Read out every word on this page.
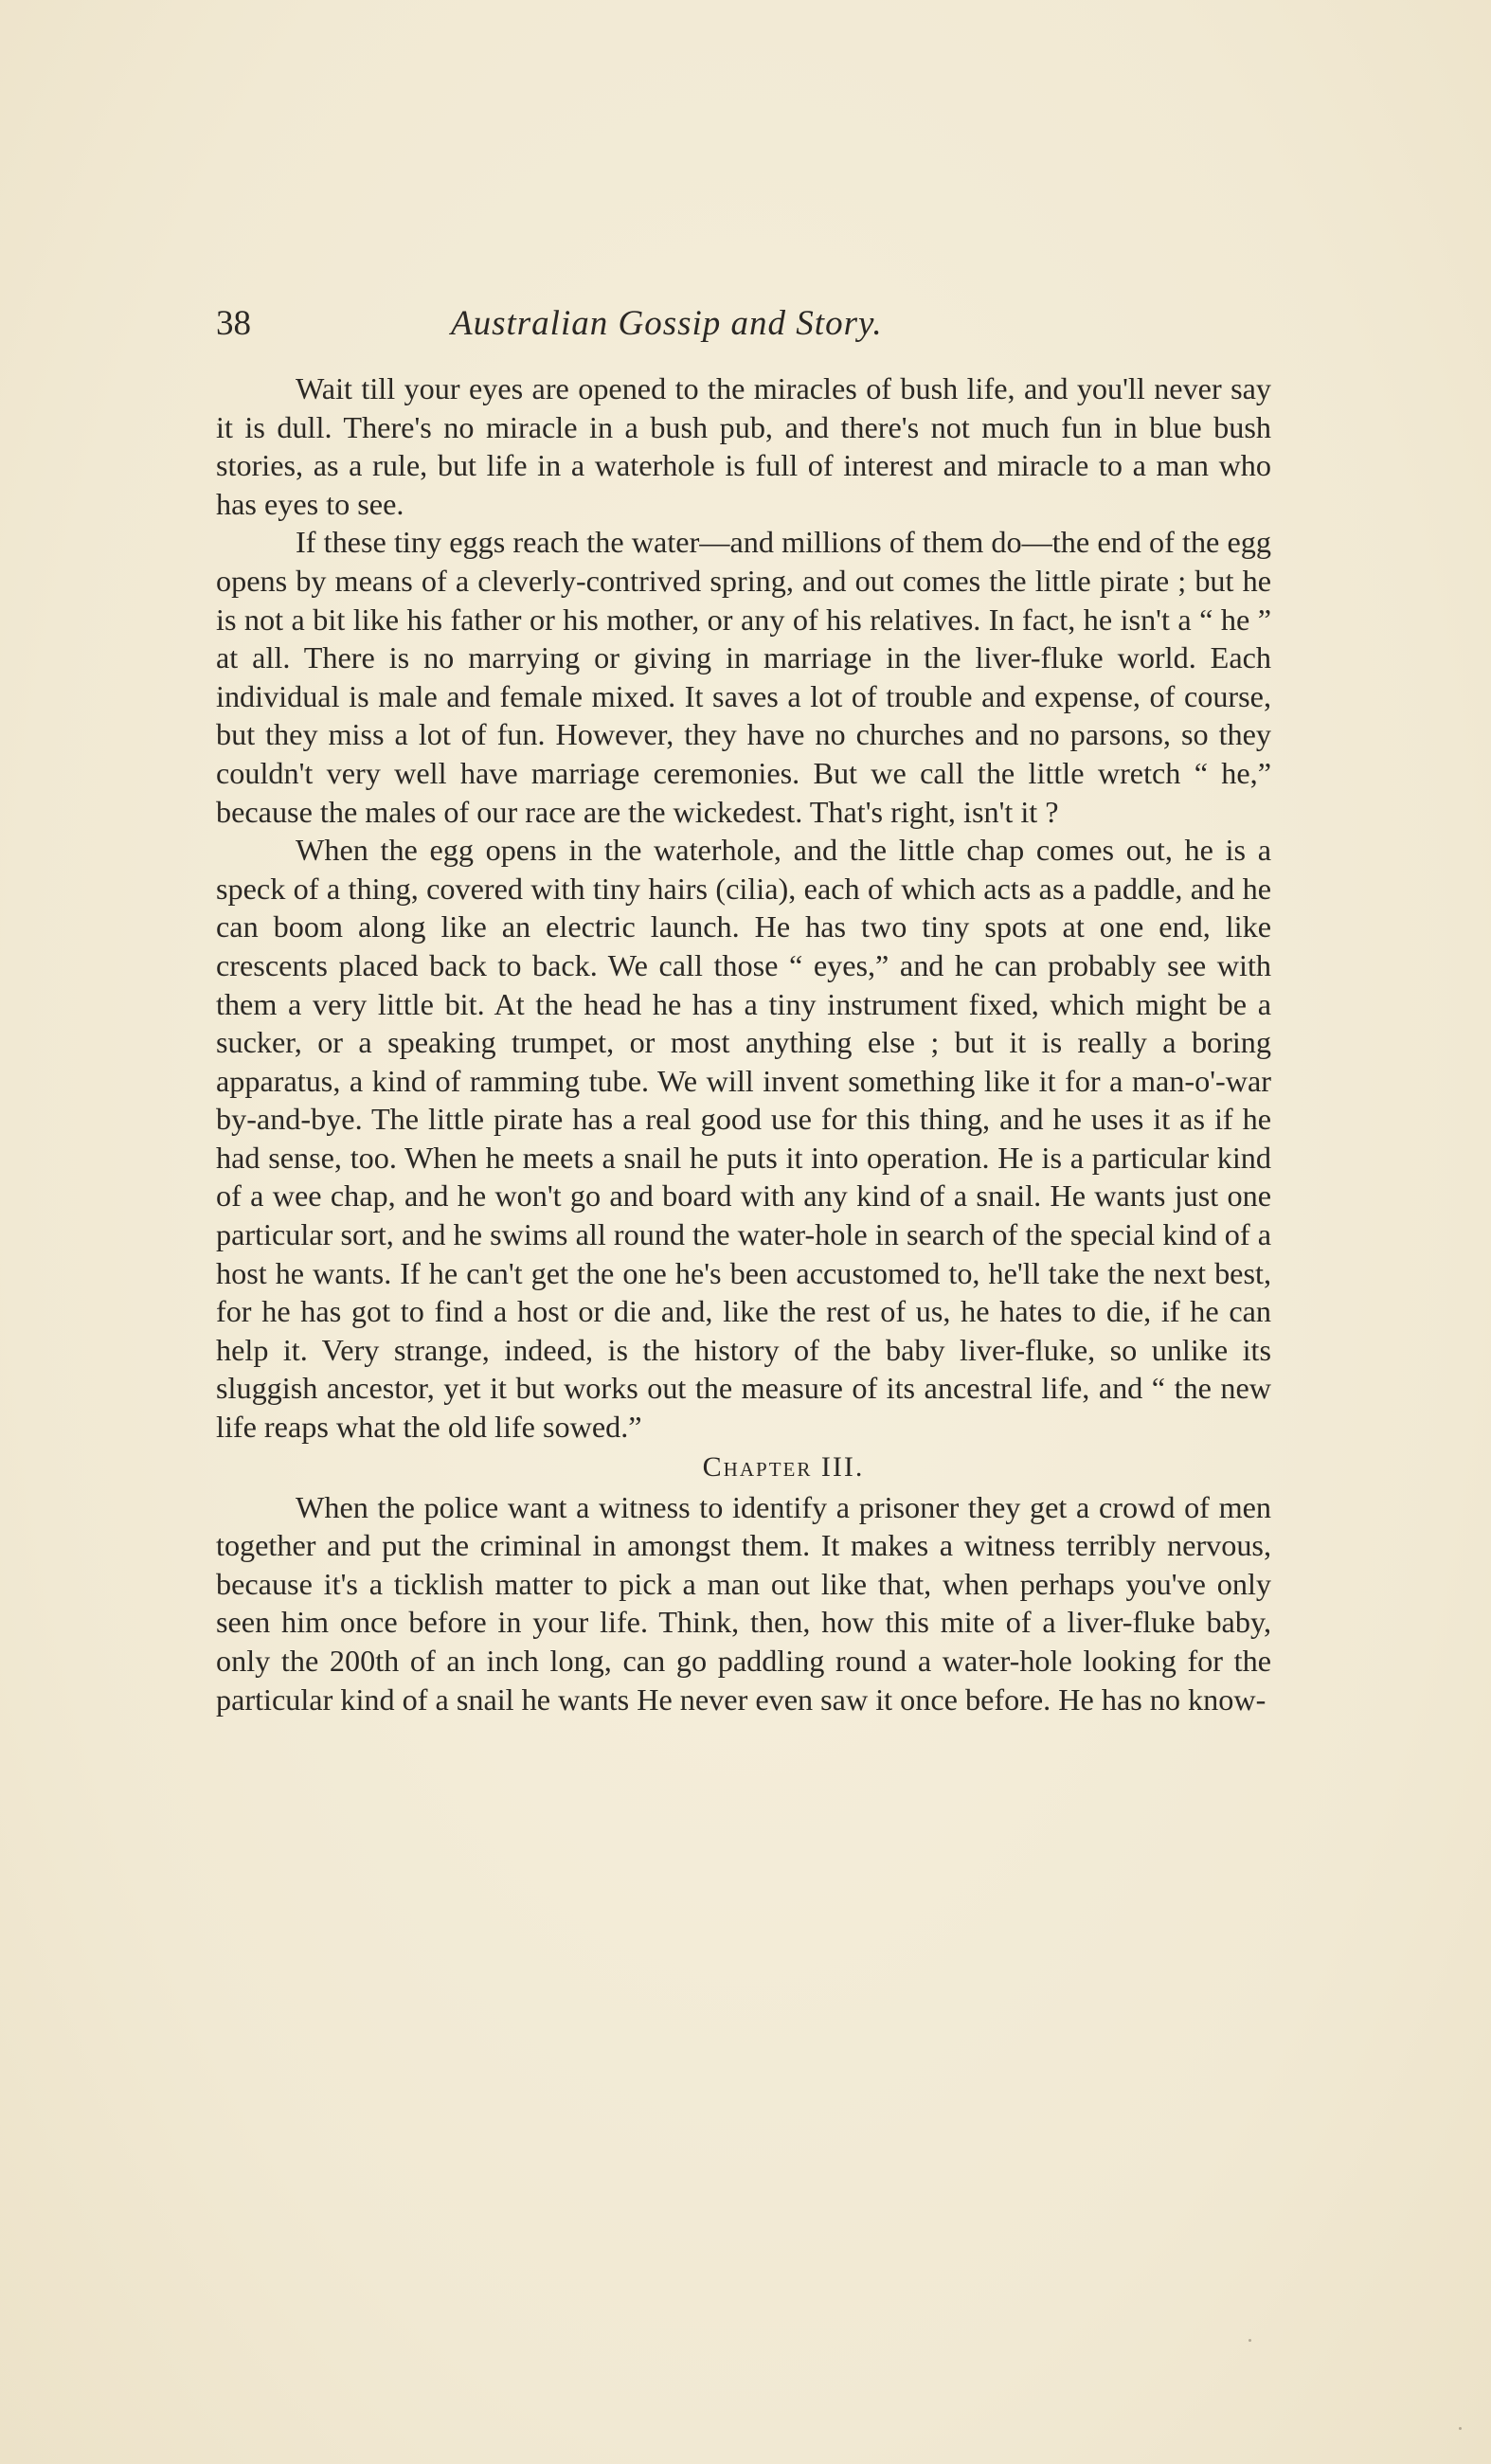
38	Australian Gossip and Story.

Wait till your eyes are opened to the miracles of bush life, and you'll never say it is dull. There's no miracle in a bush pub, and there's not much fun in blue bush stories, as a rule, but life in a waterhole is full of interest and miracle to a man who has eyes to see.

If these tiny eggs reach the water—and millions of them do—the end of the egg opens by means of a cleverly-contrived spring, and out comes the little pirate ; but he is not a bit like his father or his mother, or any of his relatives. In fact, he isn't a “ he ” at all. There is no marrying or giving in marriage in the liver-fluke world. Each individual is male and female mixed. It saves a lot of trouble and expense, of course, but they miss a lot of fun. However, they have no churches and no parsons, so they couldn't very well have marriage ceremonies. But we call the little wretch “ he,” because the males of our race are the wickedest. That's right, isn't it ?

When the egg opens in the waterhole, and the little chap comes out, he is a speck of a thing, covered with tiny hairs (cilia), each of which acts as a paddle, and he can boom along like an electric launch. He has two tiny spots at one end, like crescents placed back to back. We call those “ eyes,” and he can probably see with them a very little bit. At the head he has a tiny instrument fixed, which might be a sucker, or a speaking trumpet, or most anything else ; but it is really a boring apparatus, a kind of ramming tube. We will invent something like it for a man-o'-war by-and-bye. The little pirate has a real good use for this thing, and he uses it as if he had sense, too. When he meets a snail he puts it into operation. He is a particular kind of a wee chap, and he won't go and board with any kind of a snail. He wants just one particular sort, and he swims all round the water-hole in search of the special kind of a host he wants. If he can't get the one he's been accustomed to, he'll take the next best, for he has got to find a host or die and, like the rest of us, he hates to die, if he can help it. Very strange, indeed, is the history of the baby liver-fluke, so unlike its sluggish ancestor, yet it but works out the measure of its ancestral life, and “ the new life reaps what the old life sowed.”

Chapter III.

When the police want a witness to identify a prisoner they get a crowd of men together and put the criminal in amongst them. It makes a witness terribly nervous, because it's a ticklish matter to pick a man out like that, when perhaps you've only seen him once before in your life. Think, then, how this mite of a liver-fluke baby, only the 200th of an inch long, can go paddling round a water-hole looking for the particular kind of a snail he wants He never even saw it once before. He has no know-
